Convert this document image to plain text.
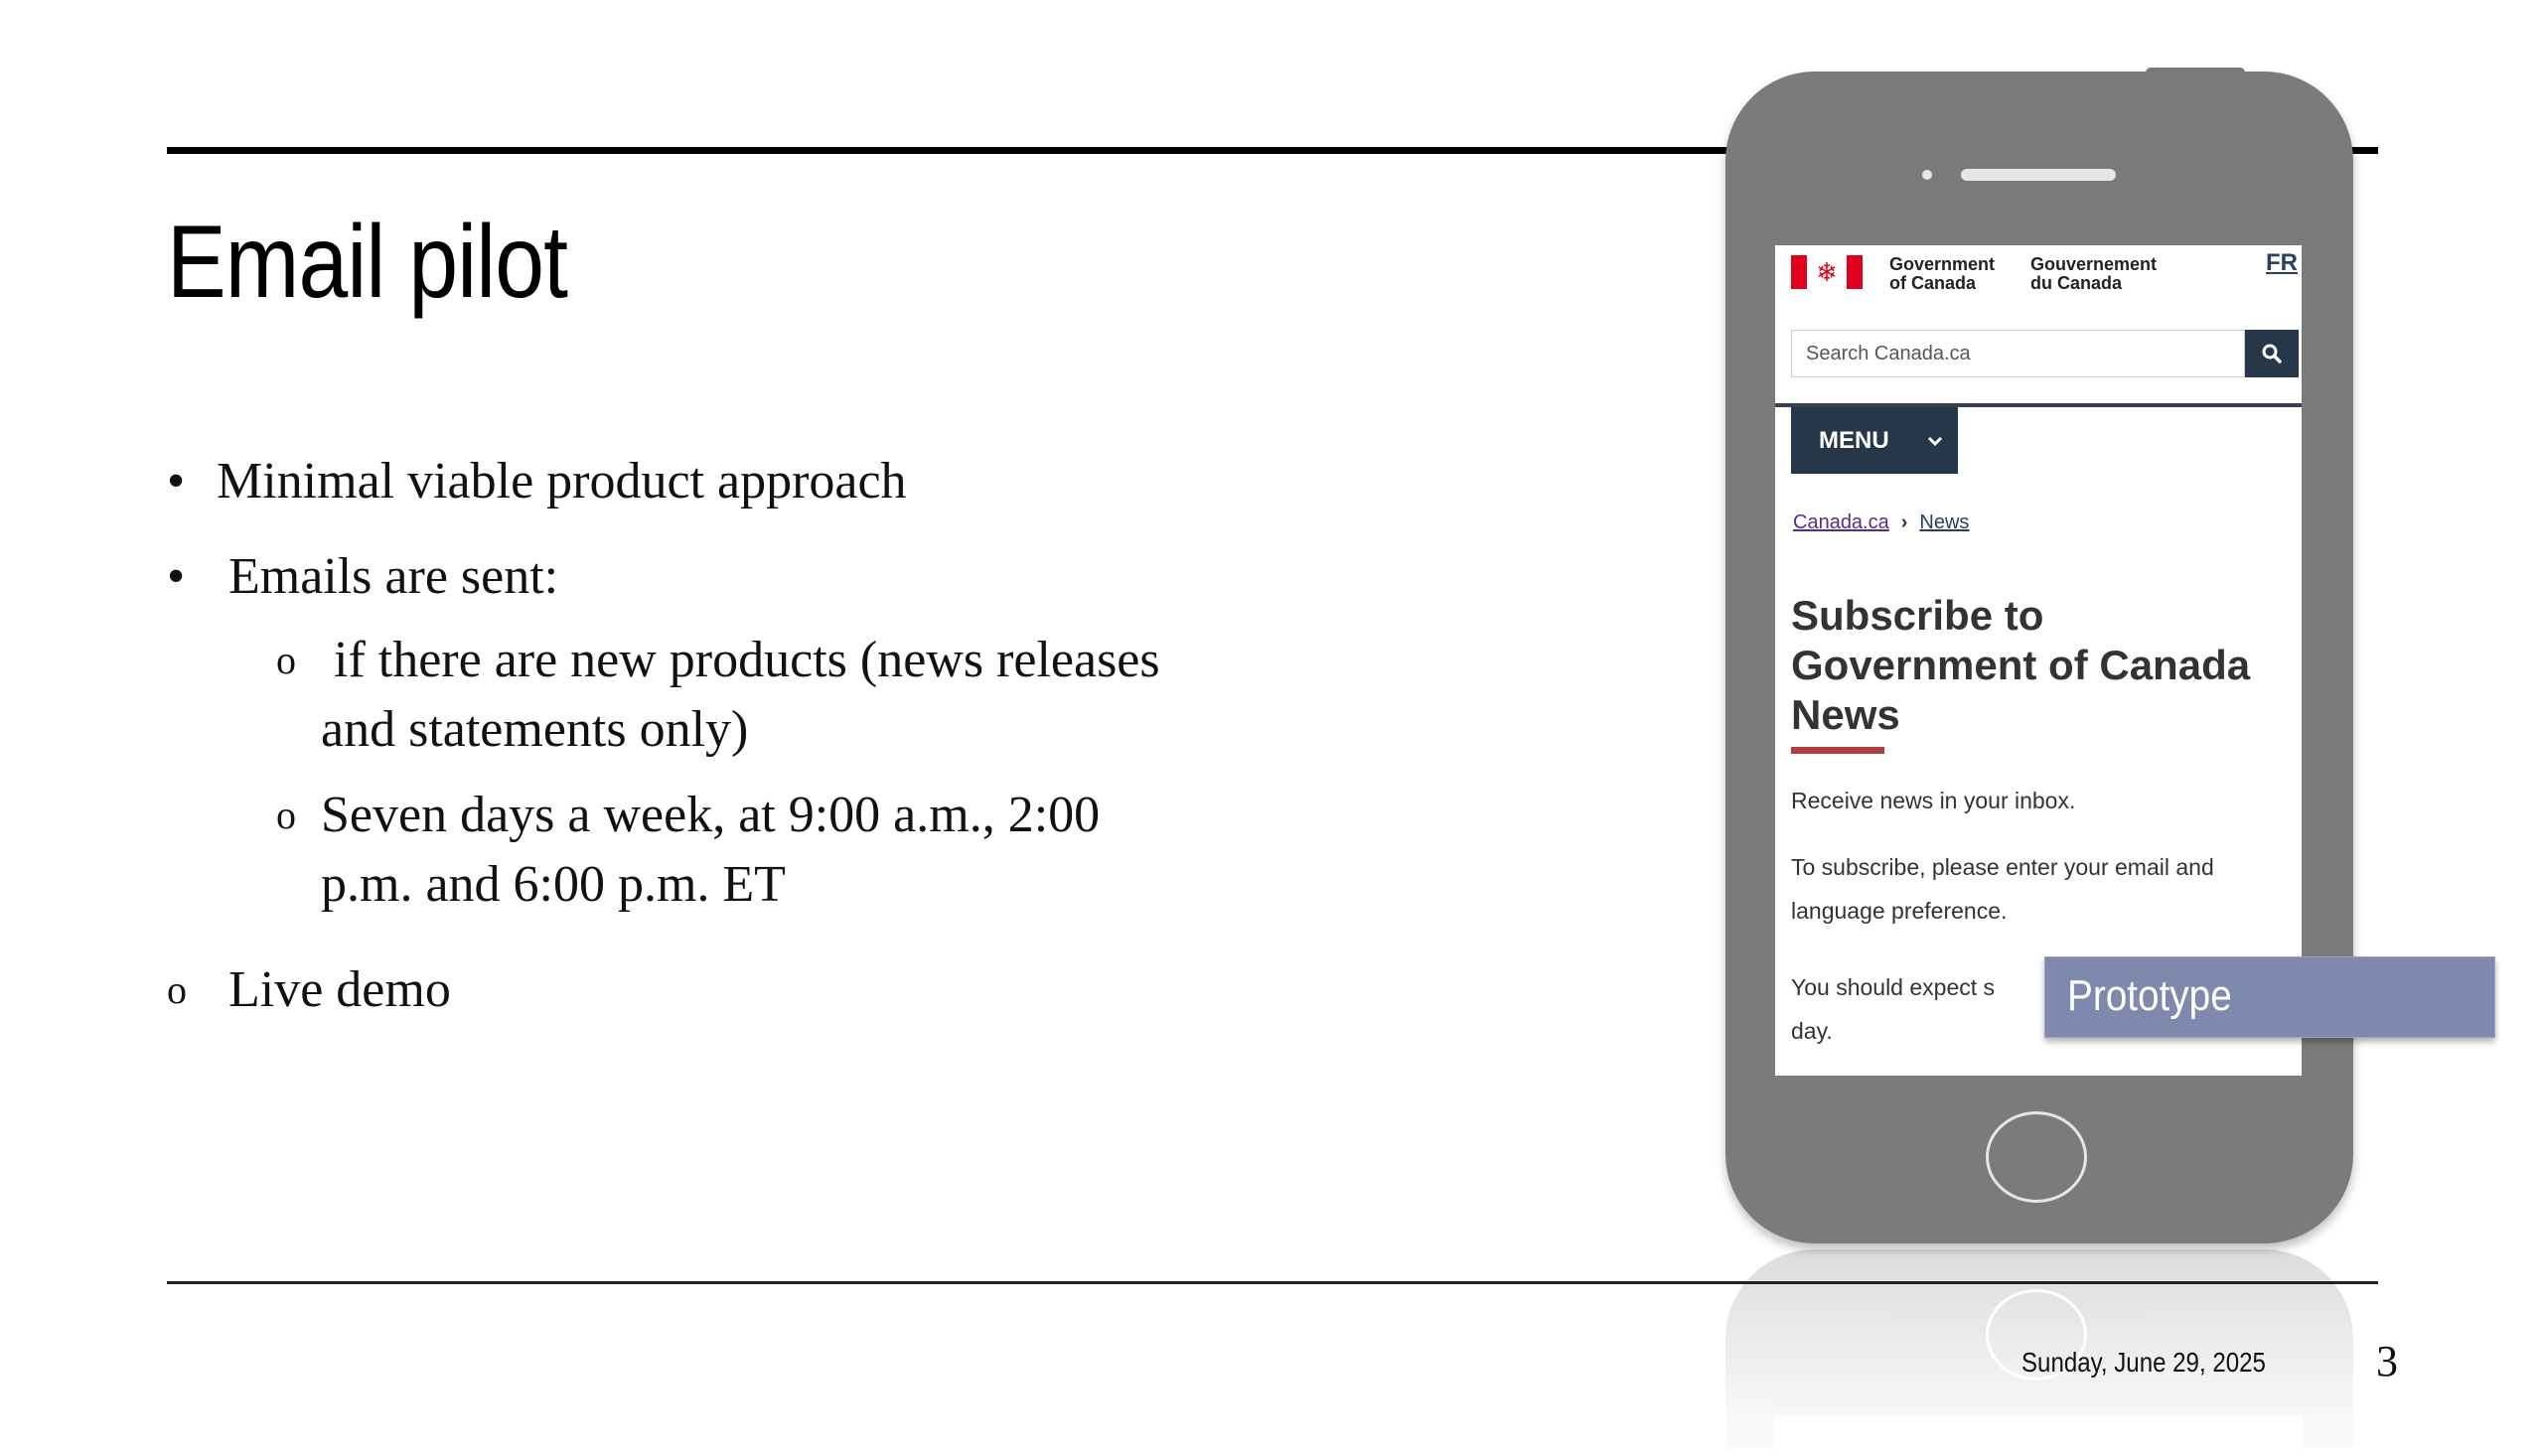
Email pilot
• Minimal viable product approach
• Emails are sent:
o if there are new products (news releases
and statements only)
o Seven days a week, at 9:00 a.m., 2:00
p.m. and 6:00 p.m. ET
o Live demo
❄	Government
of Canada
Gouvernement
du Canada
FR
Search Canada.ca
MENU
Canada.ca › News
Subscribe to Government of Canada News
Receive news in your inbox.
To subscribe, please enter your email and language preference.
You should expect s
day.
Prototype
Sunday, June 29, 2025	3
